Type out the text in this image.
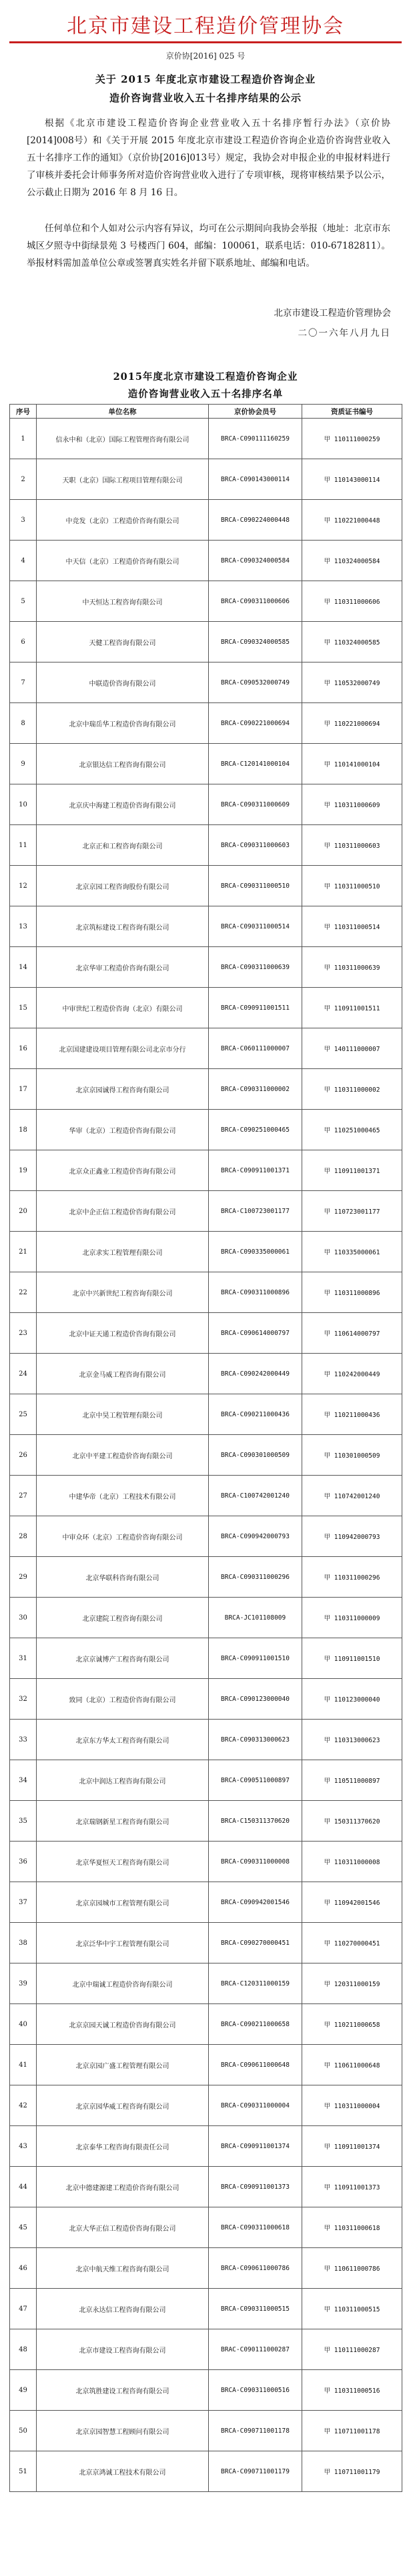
北京市建设工程造价管理协会
京价协[2016] 025 号
关于 2015 年度北京市建设工程造价咨询企业
造价咨询营业收入五十名排序结果的公示
根据《北京市建设工程造价咨询企业营业收入五十名排序暂行办法》（京价协[2014]008号）和《关于开展 2015 年度北京市建设工程造价咨询企业造价咨询营业收入五十名排序工作的通知》（京价协[2016]013号）规定，我协会对申报企业的申报材料进行了审核并委托会计师事务所对造价咨询营业收入进行了专项审核，现将审核结果予以公示，公示截止日期为 2016 年 8 月 16 日。
任何单位和个人如对公示内容有异议，均可在公示期间向我协会举报（地址：北京市东城区夕照寺中街绿景苑 3 号楼西门 604，邮编：100061，联系电话：010-67182811）。举报材料需加盖单位公章或签署真实姓名并留下联系地址、邮编和电话。
北京市建设工程造价管理协会
二〇一六年八月九日
2015年度北京市建设工程造价咨询企业
造价咨询营业收入五十名排序名单
序号	单位名称	京价协会员号	资质证书编号
1	信永中和（北京）国际工程管理咨询有限公司	BRCA-C090111160259	甲 110111000259
2	天职（北京）国际工程项目管理有限公司	BRCA-C090143000114	甲 110143000114
3	中竞发（北京）工程造价咨询有限公司	BRCA-C090224000448	甲 110221000448
4	中天信（北京）工程造价咨询有限公司	BRCA-C090324000584	甲 110324000584
5	中天恒达工程咨询有限公司	BRCA-C090311000606	甲 110311000606
6	天健工程咨询有限公司	BRCA-C090324000585	甲 110324000585
7	中联造价咨询有限公司	BRCA-C090532000749	甲 110532000749
8	北京中瑞岳华工程造价咨询有限公司	BRCA-C090221000694	甲 110221000694
9	北京银达信工程咨询有限公司	BRCA-C120141000104	甲 110141000104
10	北京庆中海建工程造价咨询有限公司	BRCA-C090311000609	甲 110311000609
11	北京正和工程咨询有限公司	BRCA-C090311000603	甲 110311000603
12	北京京园工程咨询股份有限公司	BRCA-C090311000510	甲 110311000510
13	北京筑标建设工程咨询有限公司	BRCA-C090311000514	甲 110311000514
14	北京华审工程造价咨询有限公司	BRCA-C090311000639	甲 110311000639
15	中审世纪工程造价咨询（北京）有限公司	BRCA-C090911001511	甲 110911001511
16	北京国建建设项目管理有限公司北京市分行	BRCA-C060111000007	甲 140111000007
17	北京京园诚得工程咨询有限公司	BRCA-C090311000002	甲 110311000002
18	华审（北京）工程造价咨询有限公司	BRCA-C090251000465	甲 110251000465
19	北京众正鑫业工程造价咨询有限公司	BRCA-C090911001371	甲 110911001371
20	北京中企正信工程造价咨询有限公司	BRCA-C100723001177	甲 110723001177
21	北京求实工程管理有限公司	BRCA-C090335000061	甲 110335000061
22	北京中兴新世纪工程咨询有限公司	BRCA-C090311000896	甲 110311000896
23	北京中证天通工程造价咨询有限公司	BRCA-C090614000797	甲 110614000797
24	北京金马威工程咨询有限公司	BRCA-C090242000449	甲 110242000449
25	北京中昊工程管理有限公司	BRCA-C090211000436	甲 110211000436
26	北京中平建工程造价咨询有限公司	BRCA-C090301000509	甲 110301000509
27	中建华帝（北京）工程技术有限公司	BRCA-C100742001240	甲 110742001240
28	中审众环（北京）工程造价咨询有限公司	BRCA-C090942000793	甲 110942000793
29	北京华联科咨询有限公司	BRCA-C090311000296	甲 110311000296
30	北京建院工程咨询有限公司	BRCA-JC101108009	甲 110311000009
31	北京京诚博产工程咨询有限公司	BRCA-C090911001510	甲 110911001510
32	致同（北京）工程造价咨询有限公司	BRCA-C090123000040	甲 110123000040
33	北京东方华太工程咨询有限公司	BRCA-C090313000623	甲 110313000623
34	北京中润达工程咨询有限公司	BRCA-C090511000897	甲 110511000897
35	北京瑞钢新星工程咨询有限公司	BRCA-C150311370620	甲 150311370620
36	北京华夏恒天工程咨询有限公司	BRCA-C090311000008	甲 110311000008
37	北京京园城市工程管理有限公司	BRCA-C090942001546	甲 110942001546
38	北京泛华中宇工程管理有限公司	BRCA-C090270000451	甲 110270000451
39	北京中瑞诚工程造价咨询有限公司	BRCA-C120311000159	甲 120311000159
40	北京京园天诚工程造价咨询有限公司	BRCA-C090211000658	甲 110211000658
41	北京京园广盛工程管理有限公司	BRCA-C090611000648	甲 110611000648
42	北京京园华威工程咨询有限公司	BRCA-C090311000004	甲 110311000004
43	北京泰华工程咨询有限责任公司	BRCA-C090911001374	甲 110911001374
44	北京中德建源建工程造价咨询有限公司	BRCA-C090911001373	甲 110911001373
45	北京大华正信工程造价咨询有限公司	BRCA-C090311000618	甲 110311000618
46	北京中航天维工程咨询有限公司	BRCA-C090611000786	甲 110611000786
47	北京永达信工程咨询有限公司	BRCA-C090311000515	甲 110311000515
48	北京市建设工程咨询有限公司	BRAC-C090111000287	甲 110111000287
49	北京筑胜建设工程咨询有限公司	BRCA-C090311000516	甲 110311000516
50	北京京园智慧工程顾问有限公司	BRCA-C090711001178	甲 110711001178
51	北京京鸿诚工程技术有限公司	BRCA-C090711001179	甲 110711001179
